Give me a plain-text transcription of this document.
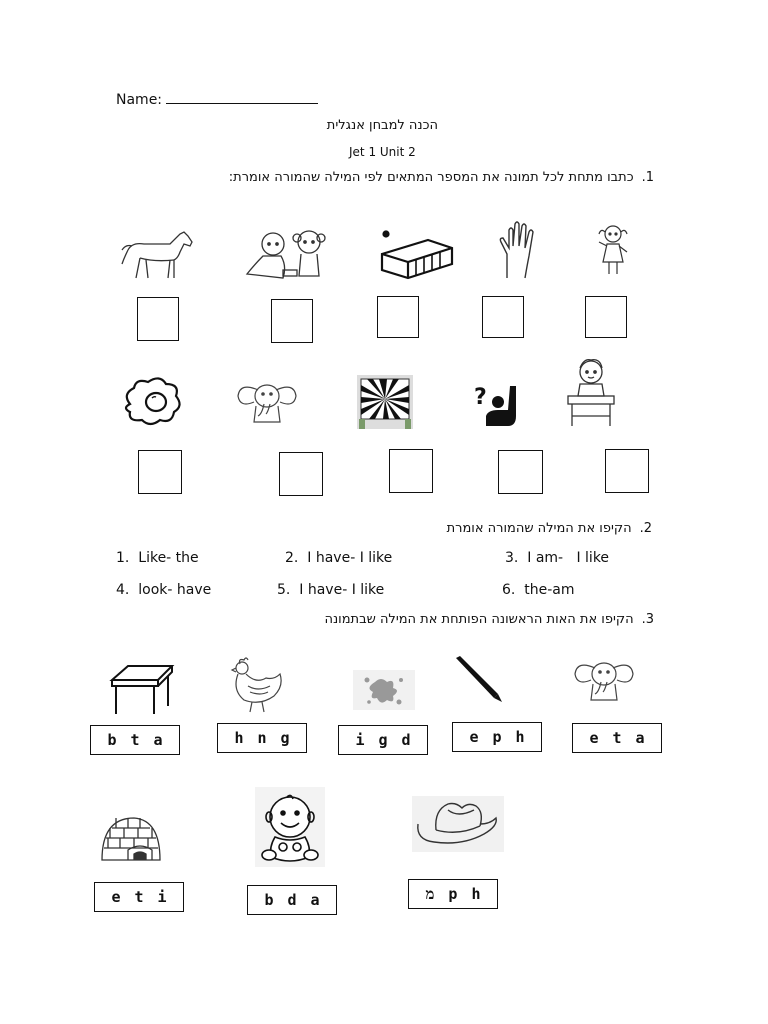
Name:
הכנה למבחן אנגלית
Jet 1 Unit 2
1.כתבו מתחת לכל תמונה את המספר המתאים לפי המילה שהמורה אומרת:
?
2.הקיפו את המילה שהמורה אומרת
1. Like- the	2. I have- I like	3. I am-   I like
4. look- have	5. I have- I like	6. the-am
3.הקיפו את האות הראשונה הפותחת את המילה שבתמונה
b t a	h n g	i g d	e p h	e t a
e t i	b d a	מ p h
